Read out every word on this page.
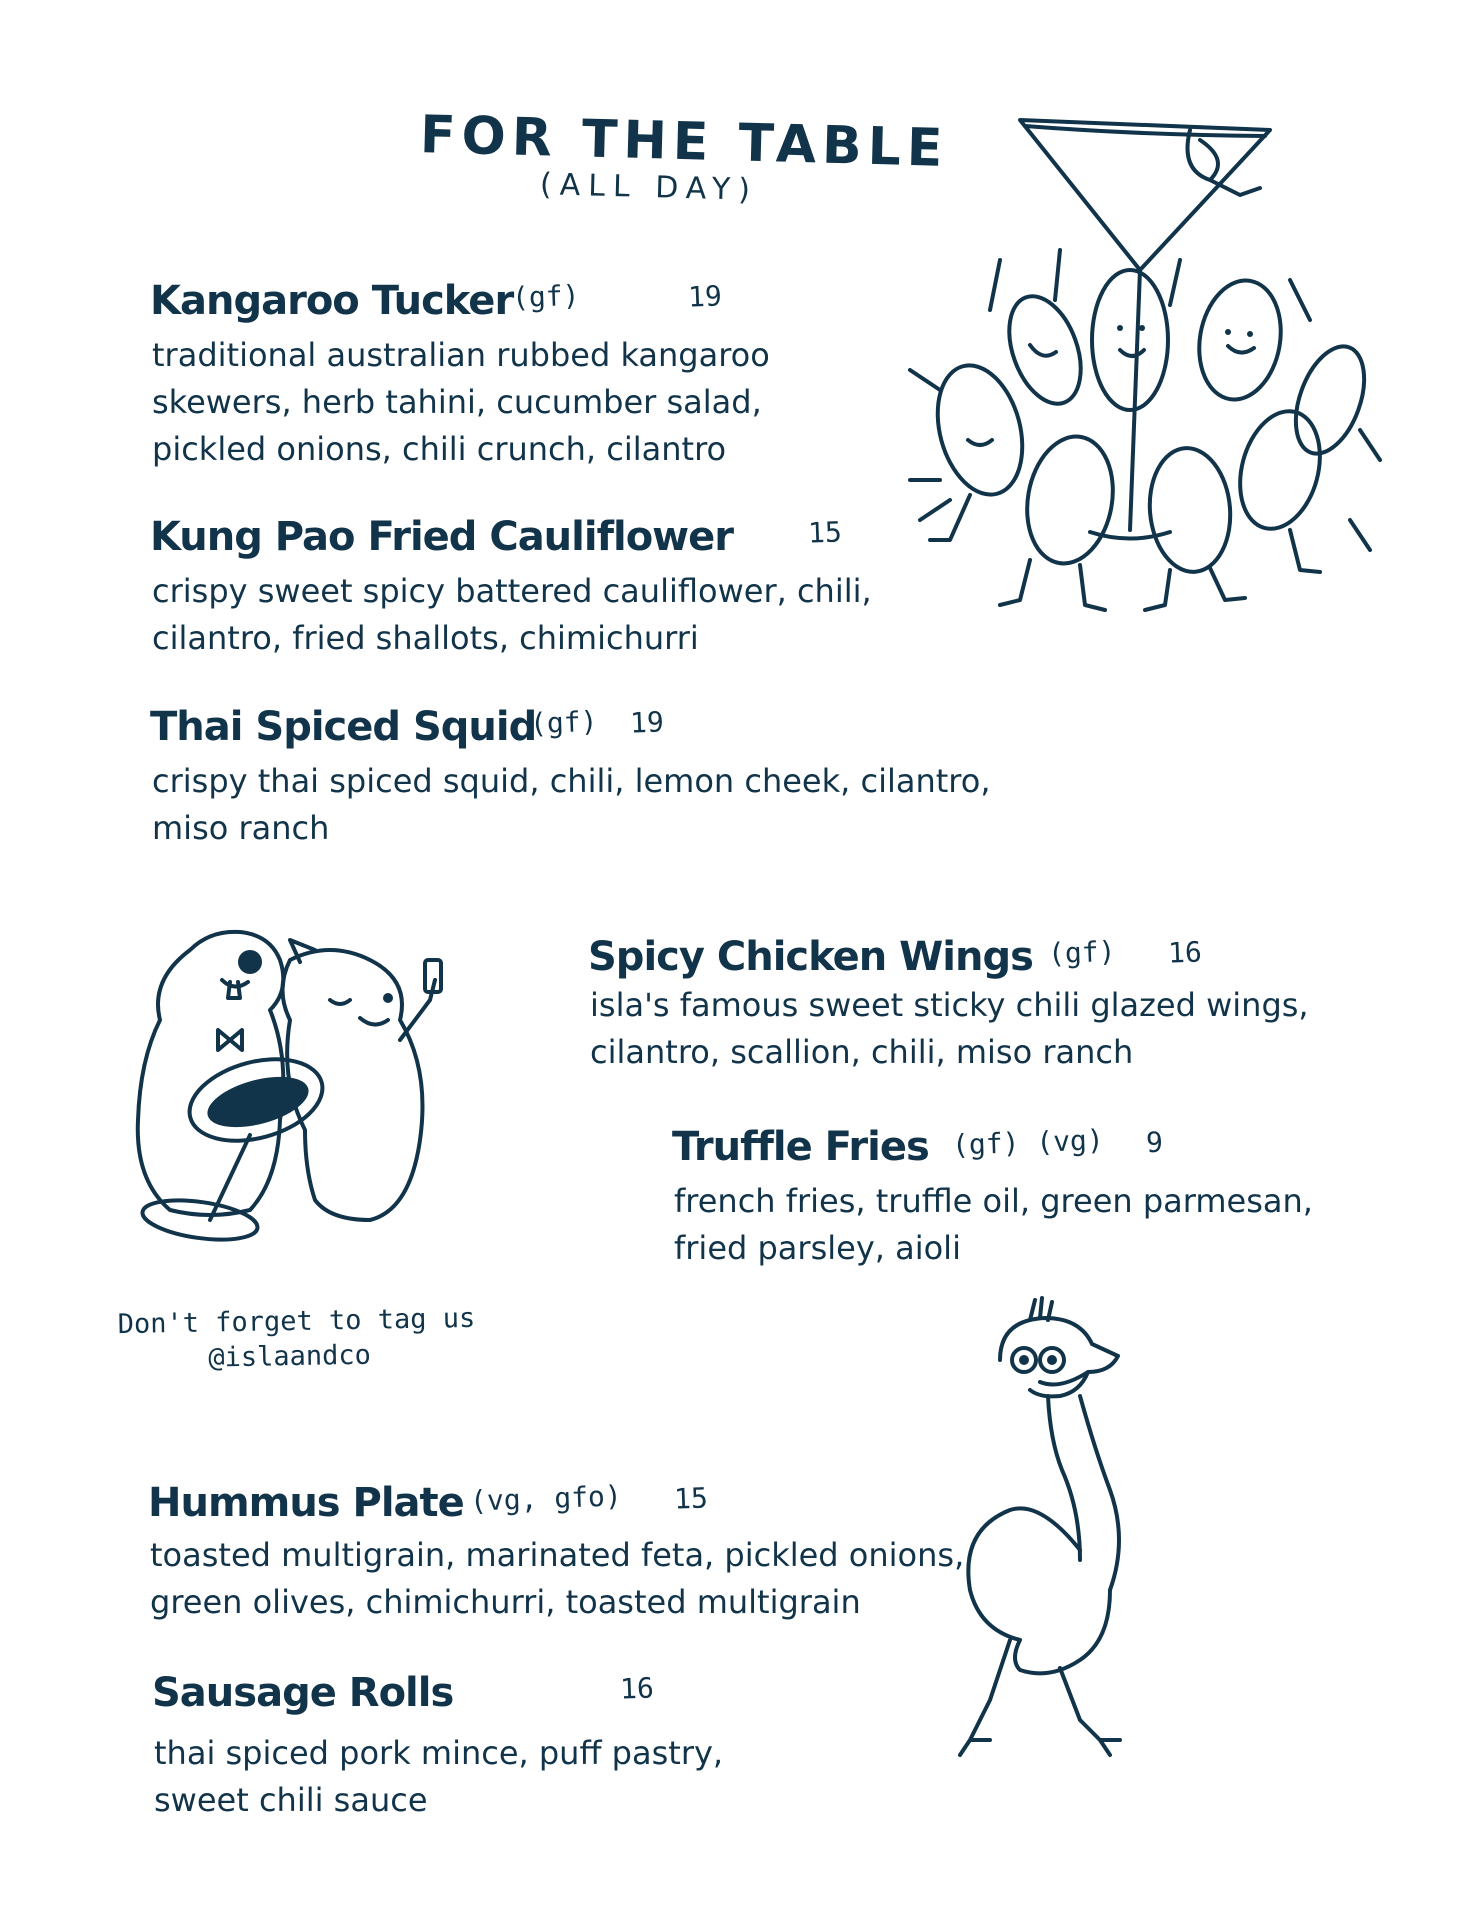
FOR THE TABLE
(ALL DAY)
Kangaroo Tucker
(gf)	19
traditional australian rubbed kangaroo
skewers, herb tahini, cucumber salad,
pickled onions, chili crunch, cilantro
Kung Pao Fried Cauliflower	15
crispy sweet spicy battered cauliflower, chili,
cilantro, fried shallots, chimichurri
Thai Spiced Squid
(gf) 19
crispy thai spiced squid, chili, lemon cheek, cilantro,
miso ranch
Spicy Chicken Wings (gf) 16
isla's famous sweet sticky chili glazed wings,
cilantro, scallion, chili, miso ranch
Truffle Fries (gf) (vg) 9
french fries, truffle oil, green parmesan,
fried parsley, aioli
Hummus Plate (vg, gfo) 15
toasted multigrain, marinated feta, pickled onions,
green olives, chimichurri, toasted multigrain
Sausage Rolls	16
thai spiced pork mince, puff pastry,
sweet chili sauce
Don't forget to tag us
@islaandco
